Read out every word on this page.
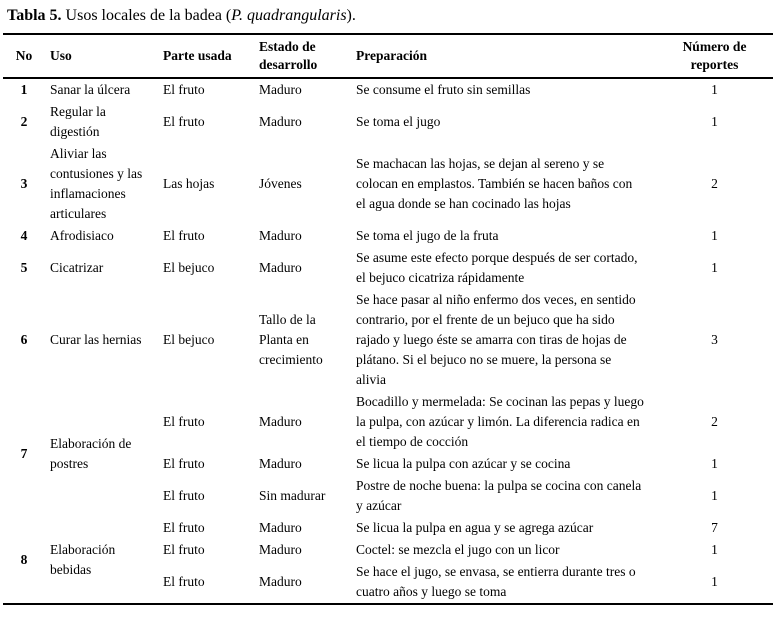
Tabla 5. Usos locales de la badea (P. quadrangularis).
No	Uso	Parte usada	Estado de desarrollo	Preparación	Número de reportes
1	Sanar la úlcera	El fruto	Maduro	Se consume el fruto sin semillas	1
2	Regular la digestión	El fruto	Maduro	Se toma el jugo	1
3	Aliviar las contusiones y las inflamaciones articulares	Las hojas	Jóvenes	Se machacan las hojas, se dejan al sereno y se colocan en emplastos. También se hacen baños con el agua donde se han cocinado las hojas	2
4	Afrodisiaco	El fruto	Maduro	Se toma el jugo de la fruta	1
5	Cicatrizar	El bejuco	Maduro	Se asume este efecto porque después de ser cortado, el bejuco cicatriza rápidamente	1
6	Curar las hernias	El bejuco	Tallo de la Planta en crecimiento	Se hace pasar al niño enfermo dos veces, en sentido contrario, por el frente de un bejuco que ha sido rajado y luego éste se amarra con tiras de hojas de plátano. Si el bejuco no se muere, la persona se alivia	3
7	Elaboración de postres	El fruto	Maduro	Bocadillo y mermelada: Se cocinan las pepas y luego la pulpa, con azúcar y limón. La diferencia radica en el tiempo de cocción	2
		El fruto	Maduro	Se licua la pulpa con azúcar y se cocina	1
		El fruto	Sin madurar	Postre de noche buena: la pulpa se cocina con canela y azúcar	1
8	Elaboración bebidas	El fruto	Maduro	Se licua la pulpa en agua y se agrega azúcar	7
		El fruto	Maduro	Coctel: se mezcla el jugo con un licor	1
		El fruto	Maduro	Se hace el jugo, se envasa, se entierra durante tres o cuatro años y luego se toma	1
